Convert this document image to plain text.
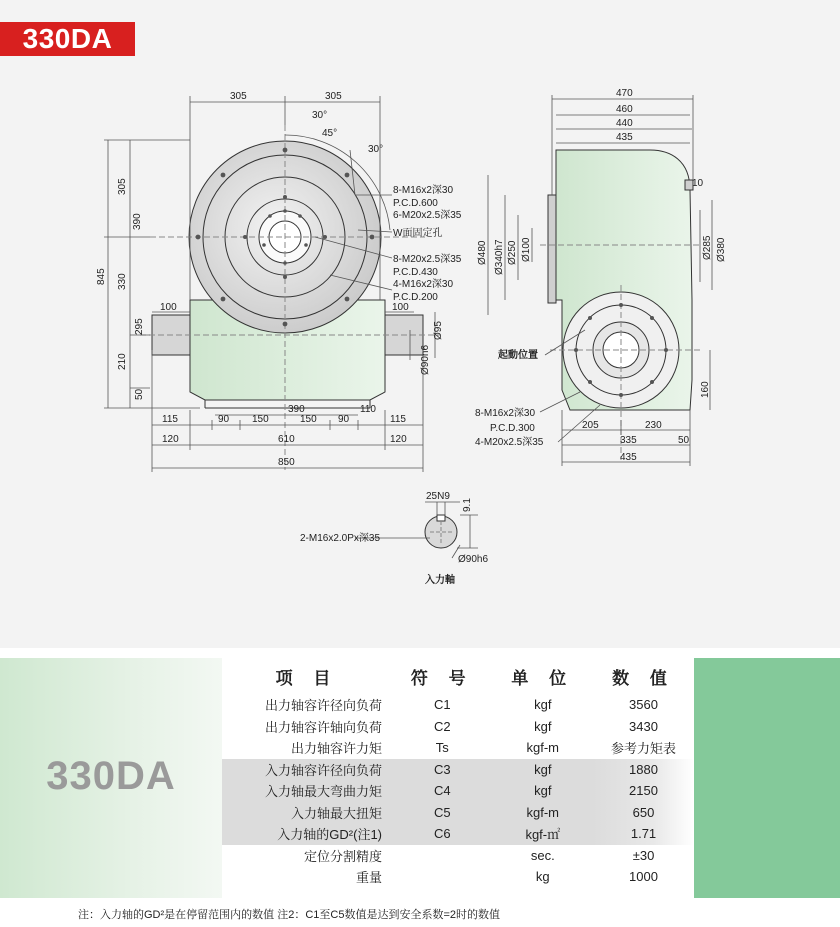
330DA
305	305
30°
45°
30°
305
390
845 330
295
210
50
100
115
120
90 150	150 90
390	110
115
120
610
850
100
Ø95
Ø90h6
8-M16x2深30
P.C.D.600
6-M20x2.5深35
W面固定孔
8-M20x2.5深35
P.C.D.430
4-M16x2深30
P.C.D.200
470
460
440
435
10
Ø480 Ø340h7 Ø250 Ø100	Ø285 Ø380
160
205	230
335	50
435
起動位置
8-M16x2深30
P.C.D.300
4-M20x2.5深35
25N9
9.1
2-M16x2.0Px深35
Ø90h6
入力軸
330DA
项 目	符 号	单 位	数 值
出力轴容许径向负荷	C1	kgf	3560
出力轴容许轴向负荷	C2	kgf	3430
出力轴容许力矩	Ts	kgf-m	参考力矩表
入力轴容许径向负荷	C3	kgf	1880
入力轴最大弯曲力矩	C4	kgf	2150
入力轴最大扭矩	C5	kgf-m	650
入力轴的GD²(注1)	C6	kgf-㎡	1.71
定位分割精度		sec.	±30
重量		kg	1000
注：入力轴的GD²是在停留范围内的数值 注2：C1至C5数值是达到安全系数=2时的数值
